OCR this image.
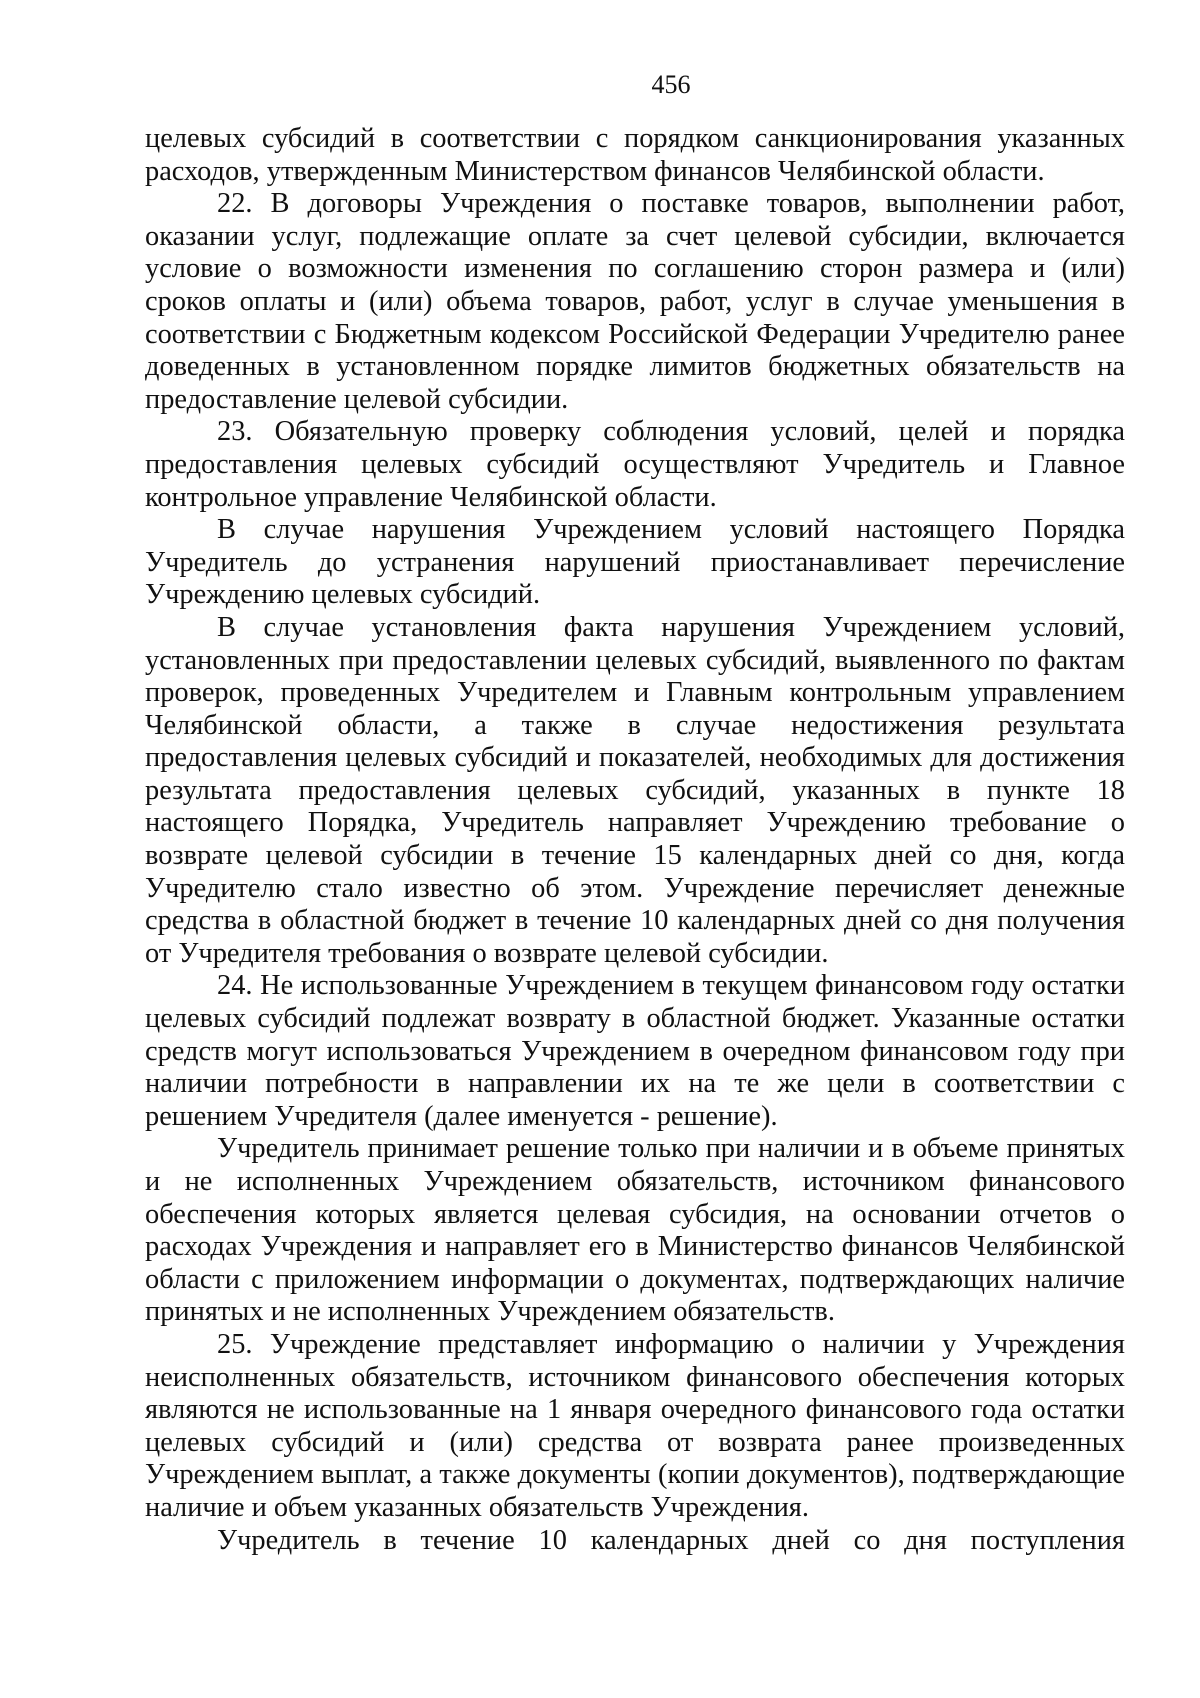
456

целевых субсидий в соответствии с порядком санкционирования указанных расходов, утвержденным Министерством финансов Челябинской области.

22. В договоры Учреждения о поставке товаров, выполнении работ, оказании услуг, подлежащие оплате за счет целевой субсидии, включается условие о возможности изменения по соглашению сторон размера и (или) сроков оплаты и (или) объема товаров, работ, услуг в случае уменьшения в соответствии с Бюджетным кодексом Российской Федерации Учредителю ранее доведенных в установленном порядке лимитов бюджетных обязательств на предоставление целевой субсидии.

23. Обязательную проверку соблюдения условий, целей и порядка предоставления целевых субсидий осуществляют Учредитель и Главное контрольное управление Челябинской области.

В случае нарушения Учреждением условий настоящего Порядка Учредитель до устранения нарушений приостанавливает перечисление Учреждению целевых субсидий.

В случае установления факта нарушения Учреждением условий, установленных при предоставлении целевых субсидий, выявленного по фактам проверок, проведенных Учредителем и Главным контрольным управлением Челябинской области, а также в случае недостижения результата предоставления целевых субсидий и показателей, необходимых для достижения результата предоставления целевых субсидий, указанных в пункте 18 настоящего Порядка, Учредитель направляет Учреждению требование о возврате целевой субсидии в течение 15 календарных дней со дня, когда Учредителю стало известно об этом. Учреждение перечисляет денежные средства в областной бюджет в течение 10 календарных дней со дня получения от Учредителя требования о возврате целевой субсидии.

24. Не использованные Учреждением в текущем финансовом году остатки целевых субсидий подлежат возврату в областной бюджет. Указанные остатки средств могут использоваться Учреждением в очередном финансовом году при наличии потребности в направлении их на те же цели в соответствии с решением Учредителя (далее именуется - решение).

Учредитель принимает решение только при наличии и в объеме принятых и не исполненных Учреждением обязательств, источником финансового обеспечения которых является целевая субсидия, на основании отчетов о расходах Учреждения и направляет его в Министерство финансов Челябинской области с приложением информации о документах, подтверждающих наличие принятых и не исполненных Учреждением обязательств.

25. Учреждение представляет информацию о наличии у Учреждения неисполненных обязательств, источником финансового обеспечения которых являются не использованные на 1 января очередного финансового года остатки целевых субсидий и (или) средства от возврата ранее произведенных Учреждением выплат, а также документы (копии документов), подтверждающие наличие и объем указанных обязательств Учреждения.

Учредитель в течение 10 календарных дней со дня поступления
